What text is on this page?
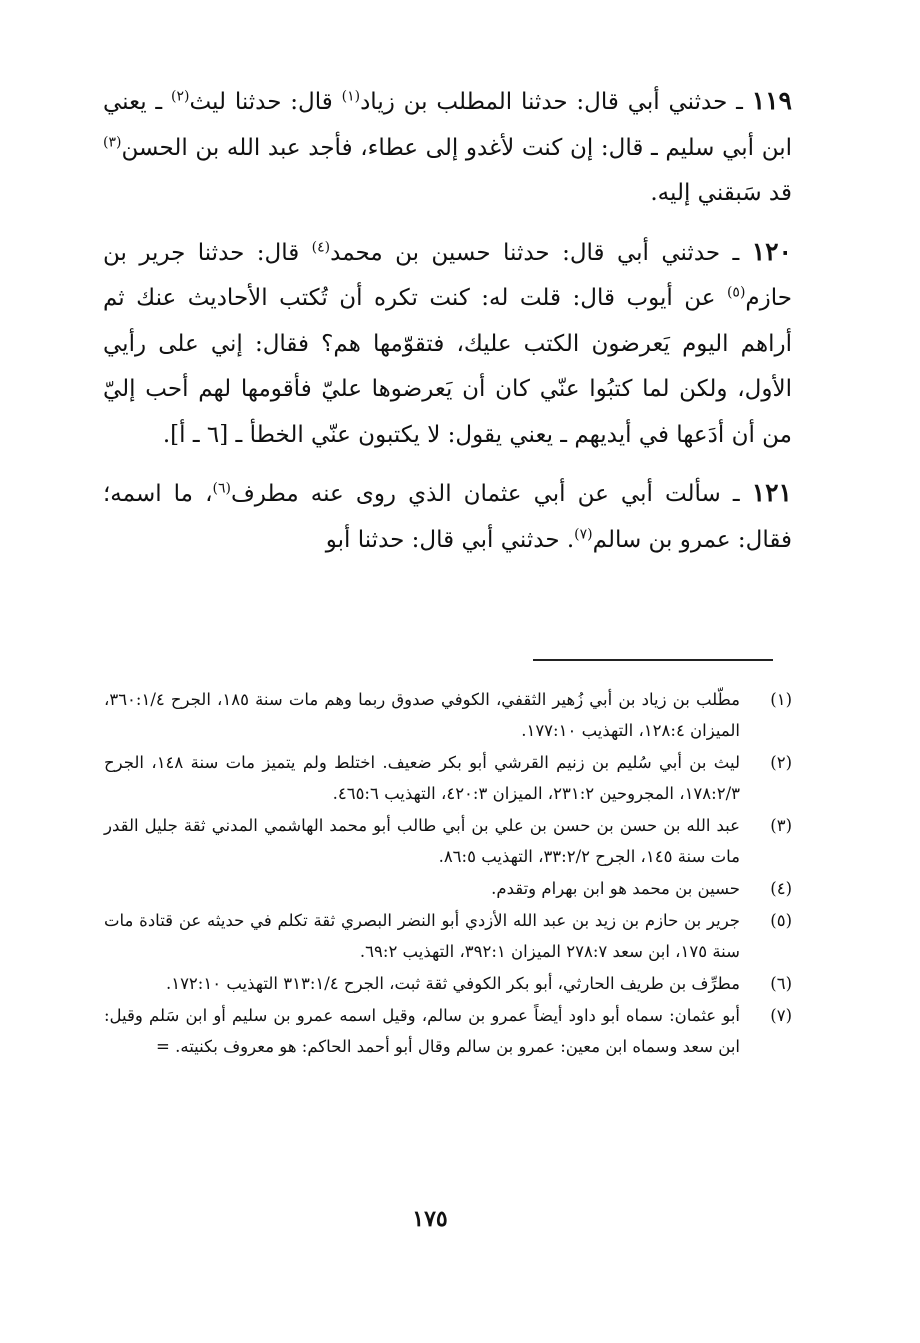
١١٩ ـ حدثني أبي قال: حدثنا المطلب بن زياد$^{(١)}$ قال: حدثنا ليث$^{(٢)}$ ـ يعني ابن أبي سليم ـ قال: إن كنت لأغدو إلى عطاء، فأجد عبد الله بن الحسن$^{(٣)}$ قد سَبقني إليه.

١٢٠ ـ حدثني أبي قال: حدثنا حسين بن محمد$^{(٤)}$ قال: حدثنا جرير بن حازم$^{(٥)}$ عن أيوب قال: قلت له: كنت تكره أن تُكتب الأحاديث عنك ثم أراهم اليوم يَعرضون الكتب عليك، فتقوّمها هم؟ فقال: إني على رأيي الأول، ولكن لما كتبُوا عنّي كان أن يَعرضوها عليّ فأقومها لهم أحب إليّ من أن أدَعها في أيديهم ـ يعني يقول: لا يكتبون عنّي الخطأ ـ [٦ ـ أ].

١٢١ ـ سألت أبي عن أبي عثمان الذي روى عنه مطرف$^{(٦)}$، ما اسمه؛ فقال: عمرو بن سالم$^{(٧)}$. حدثني أبي قال: حدثنا أبو

(١)
مطّلب بن زياد بن أبي زُهير الثقفي، الكوفي صدوق ربما وهم مات سنة ١٨٥، الجرح ٣٦٠:١/٤، الميزان ١٢٨:٤، التهذيب ١٧٧:١٠.
(٢)
ليث بن أبي سُليم بن زنيم القرشي أبو بكر ضعيف. اختلط ولم يتميز مات سنة ١٤٨، الجرح ١٧٨:٢/٣، المجروحين ٢٣١:٢، الميزان ٤٢٠:٣، التهذيب ٤٦٥:٦.
(٣)
عبد الله بن حسن بن حسن بن علي بن أبي طالب أبو محمد الهاشمي المدني ثقة جليل القدر مات سنة ١٤٥، الجرح ٣٣:٢/٢، التهذيب ٨٦:٥.
(٤)
حسين بن محمد هو ابن بهرام وتقدم.
(٥)
جرير بن حازم بن زيد بن عبد الله الأزدي أبو النضر البصري ثقة تكلم في حديثه عن قتادة مات سنة ١٧٥، ابن سعد ٢٧٨:٧ الميزان ٣٩٢:١، التهذيب ٦٩:٢.
(٦)
مطرِّف بن طريف الحارثي، أبو بكر الكوفي ثقة ثبت، الجرح ٣١٣:١/٤ التهذيب ١٧٢:١٠.
(٧)
أبو عثمان: سماه أبو داود أيضاً عمرو بن سالم، وقيل اسمه عمرو بن سليم أو ابن سَلم وقيل: ابن سعد وسماه ابن معين: عمرو بن سالم وقال أبو أحمد الحاكم: هو معروف بكنيته. =
١٧٥
